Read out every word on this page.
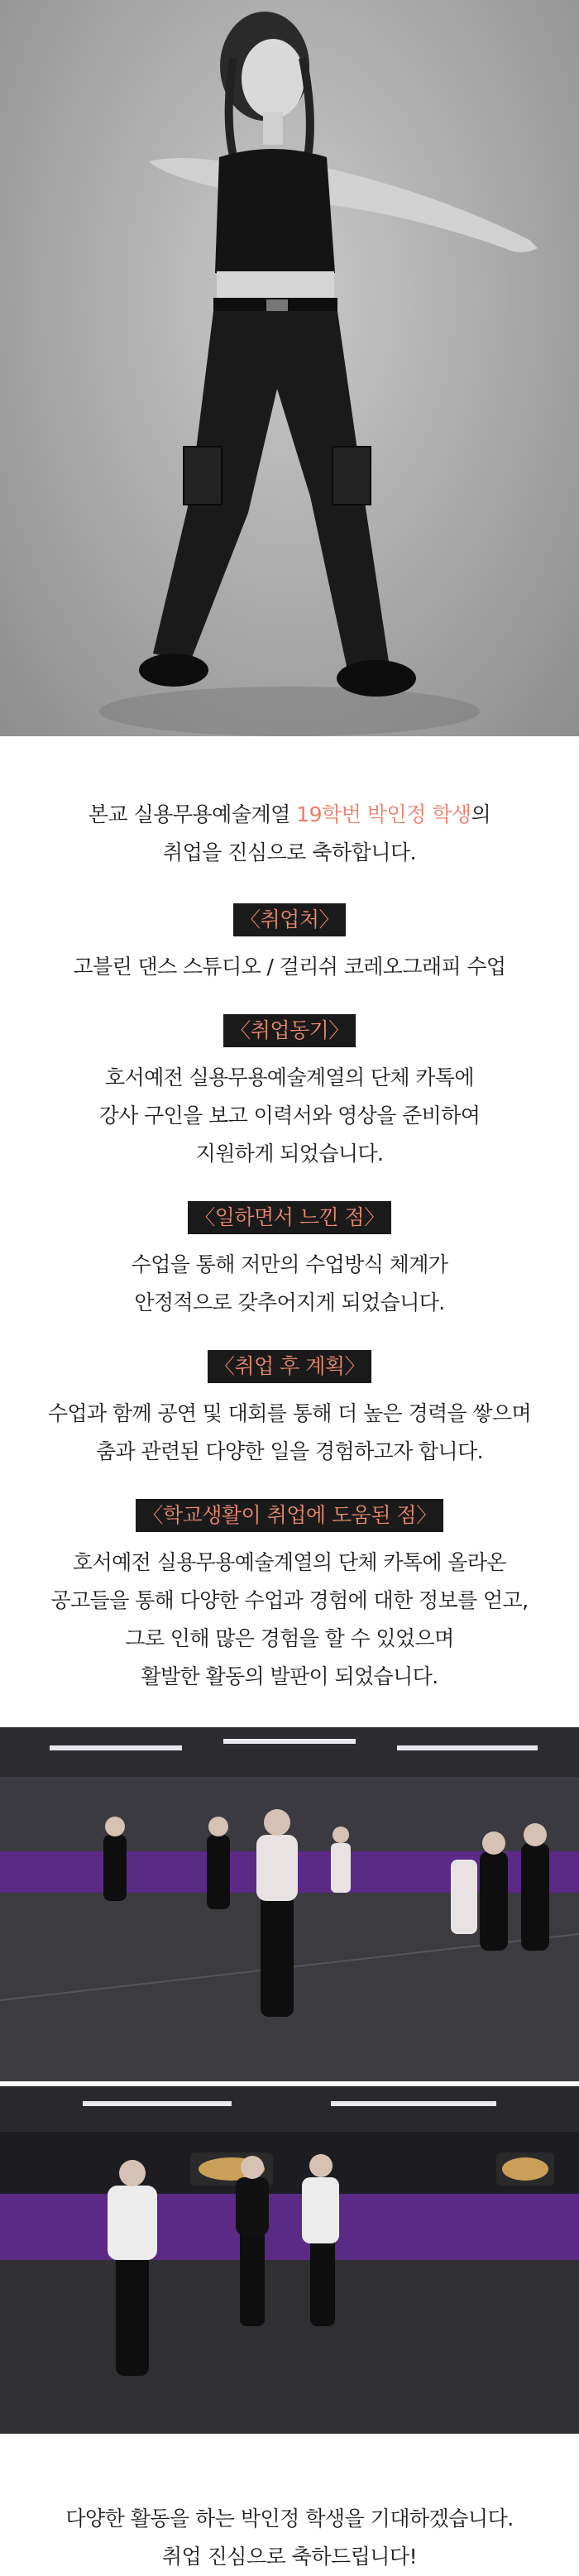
본교 실용무용예술계열 19학번 박인정 학생의

취업을 진심으로 축하합니다.

〈취업처〉
고블린 댄스 스튜디오 / 걸리쉬 코레오그래피 수업
〈취업동기〉
호서예전 실용무용예술계열의 단체 카톡에
강사 구인을 보고 이력서와 영상을 준비하여
지원하게 되었습니다.
〈일하면서 느낀 점〉
수업을 통해 저만의 수업방식 체계가
안정적으로 갖추어지게 되었습니다.
〈취업 후 계획〉
수업과 함께 공연 및 대회를 통해 더 높은 경력을 쌓으며
춤과 관련된 다양한 일을 경험하고자 합니다.
〈학교생활이 취업에 도움된 점〉
호서예전 실용무용예술계열의 단체 카톡에 올라온
공고들을 통해 다양한 수업과 경험에 대한 정보를 얻고,
그로 인해 많은 경험을 할 수 있었으며
활발한 활동의 발판이 되었습니다.

다양한 활동을 하는 박인정 학생을 기대하겠습니다.

취업 진심으로 축하드립니다!
